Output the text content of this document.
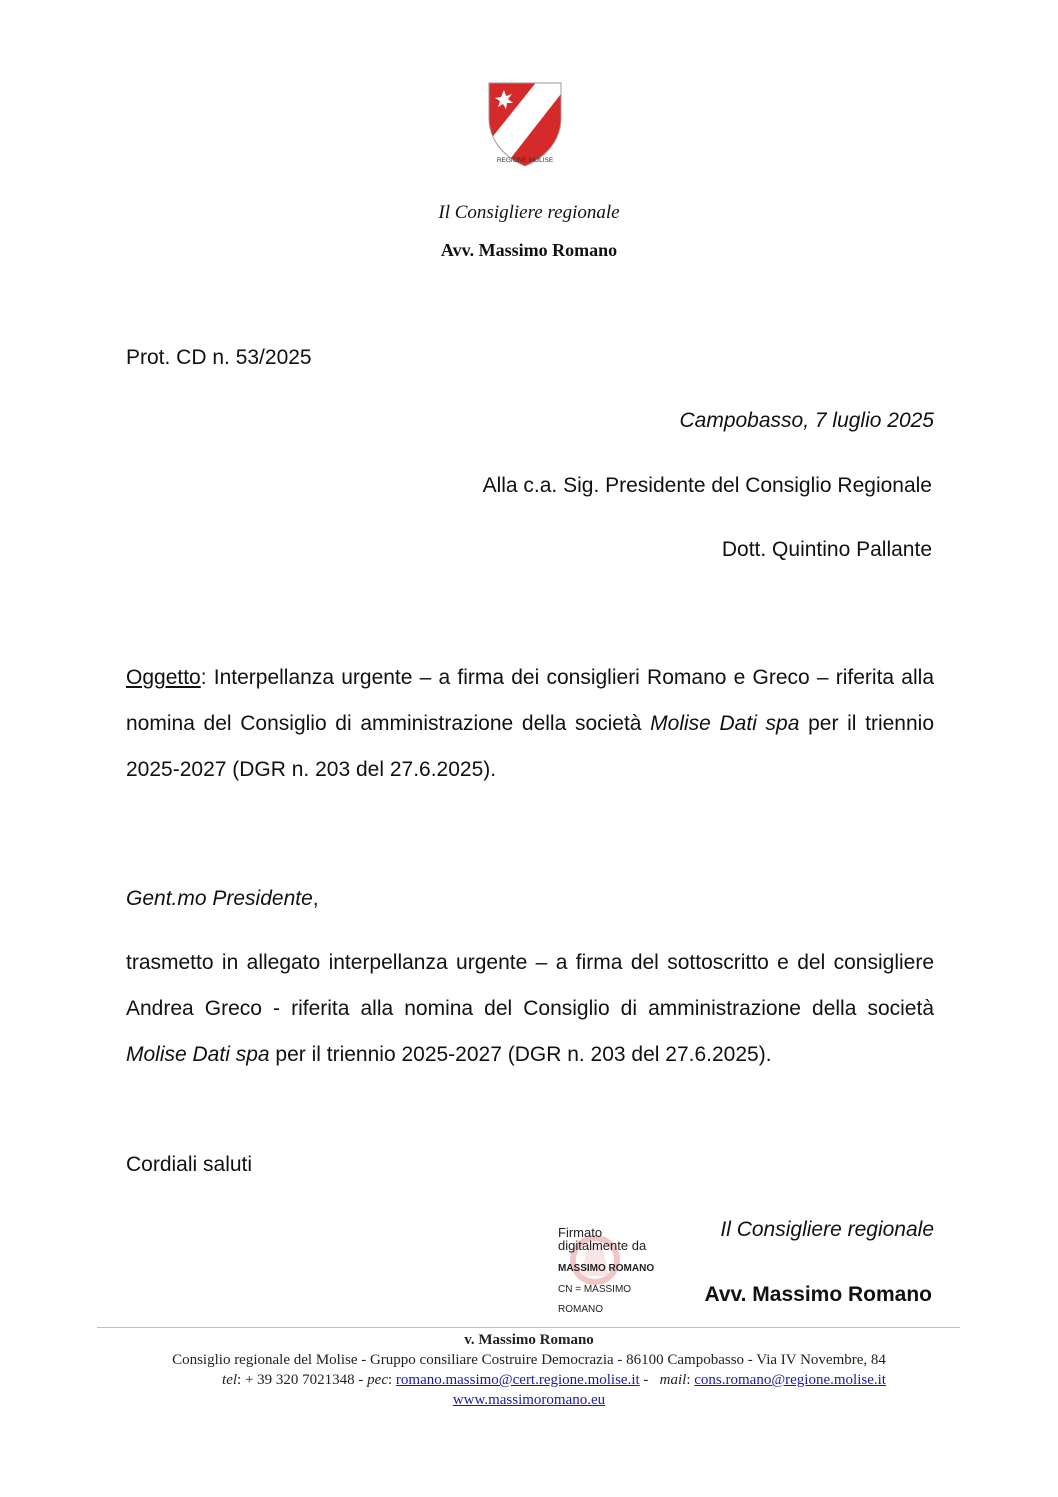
REGIONE MOLISE
Il Consigliere regionale
Avv. Massimo Romano
Prot. CD n. 53/2025
Campobasso, 7 luglio 2025
Alla c.a. Sig. Presidente del Consiglio Regionale
Dott. Quintino Pallante
Oggetto: Interpellanza urgente – a firma dei consiglieri Romano e Greco – riferita alla nomina del Consiglio di amministrazione della società Molise Dati spa per il triennio 2025-2027 (DGR n. 203 del 27.6.2025).
Gent.mo Presidente,
trasmetto in allegato interpellanza urgente – a firma del sottoscritto e del consigliere Andrea Greco - riferita alla nomina del Consiglio di amministrazione della società Molise Dati spa per il triennio 2025-2027 (DGR n. 203 del 27.6.2025).
Cordiali saluti
Firmato
digitalmente da
MASSIMO ROMANO
CN = MASSIMO
ROMANO
Il Consigliere regionale
Avv. Massimo Romano
v. Massimo Romano
Consiglio regionale del Molise - Gruppo consiliare Costruire Democrazia - 86100 Campobasso - Via IV Novembre, 84
tel: + 39 320 7021348 - pec: romano.massimo@cert.regione.molise.it -   mail: cons.romano@regione.molise.it
www.massimoromano.eu
